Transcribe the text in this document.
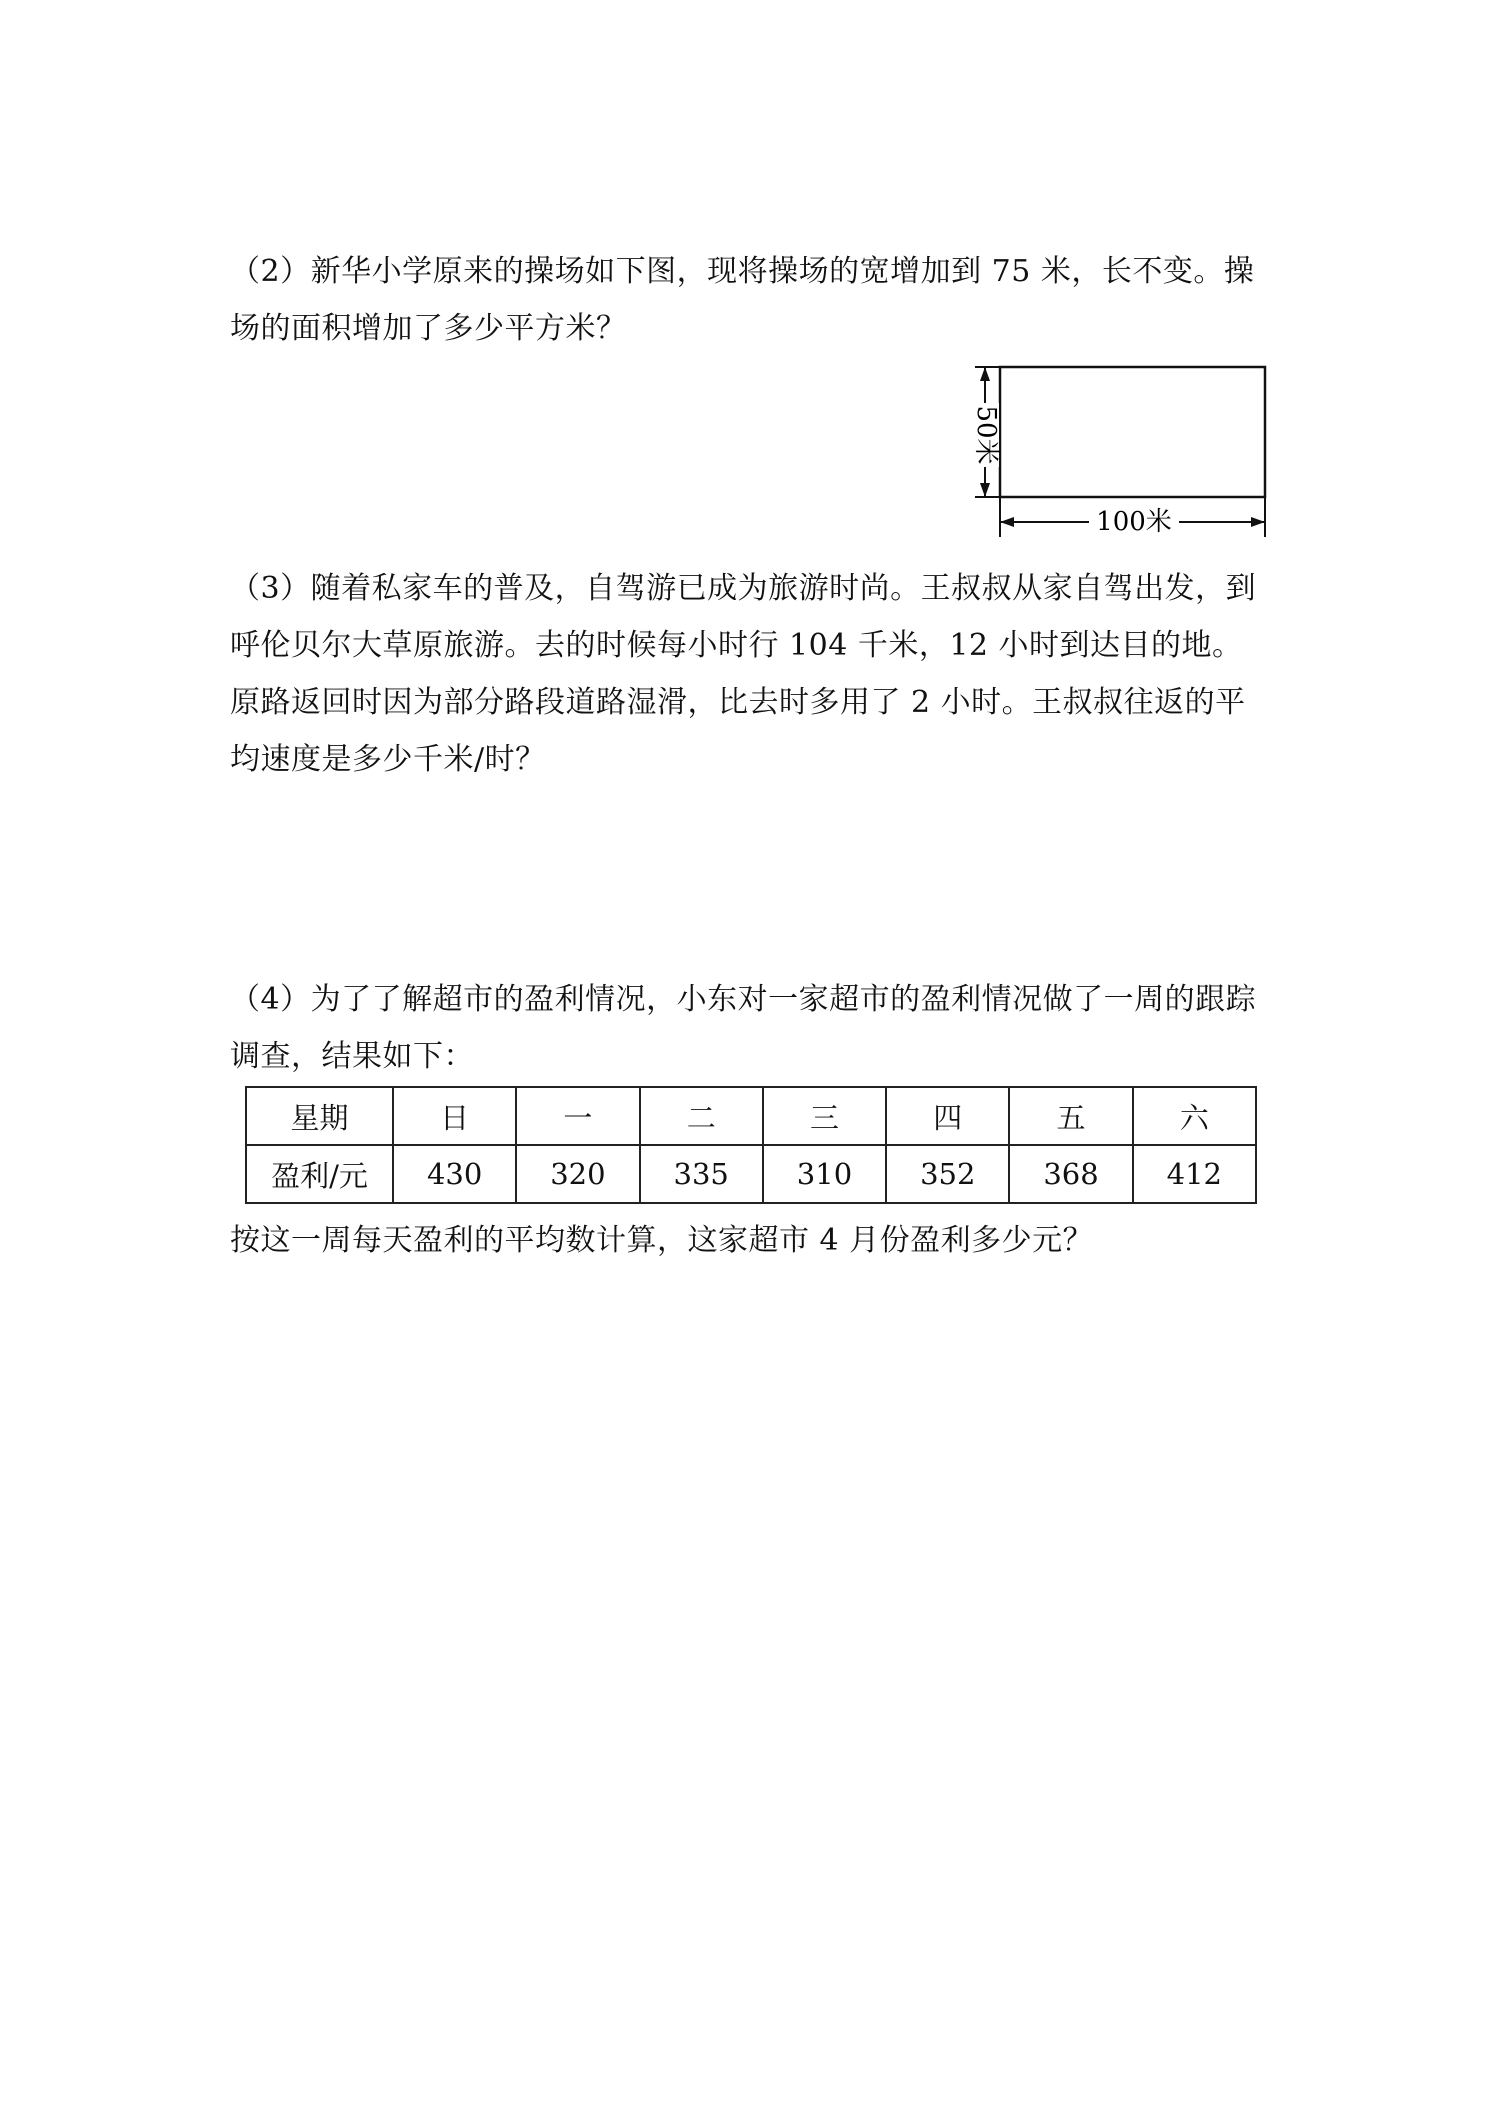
（2）新华小学原来的操场如下图，现将操场的宽增加到 75 米，长不变。操场的面积增加了多少平方米？

50米
100米

（3）随着私家车的普及，自驾游已成为旅游时尚。王叔叔从家自驾出发，到呼伦贝尔大草原旅游。去的时候每小时行 104 千米，12 小时到达目的地。原路返回时因为部分路段道路湿滑，比去时多用了 2 小时。王叔叔往返的平均速度是多少千米/时？

（4）为了了解超市的盈利情况，小东对一家超市的盈利情况做了一周的跟踪调查，结果如下：

星期	日	一	二	三	四	五	六
盈利/元	430	320	335	310	352	368	412

按这一周每天盈利的平均数计算，这家超市 4 月份盈利多少元？
